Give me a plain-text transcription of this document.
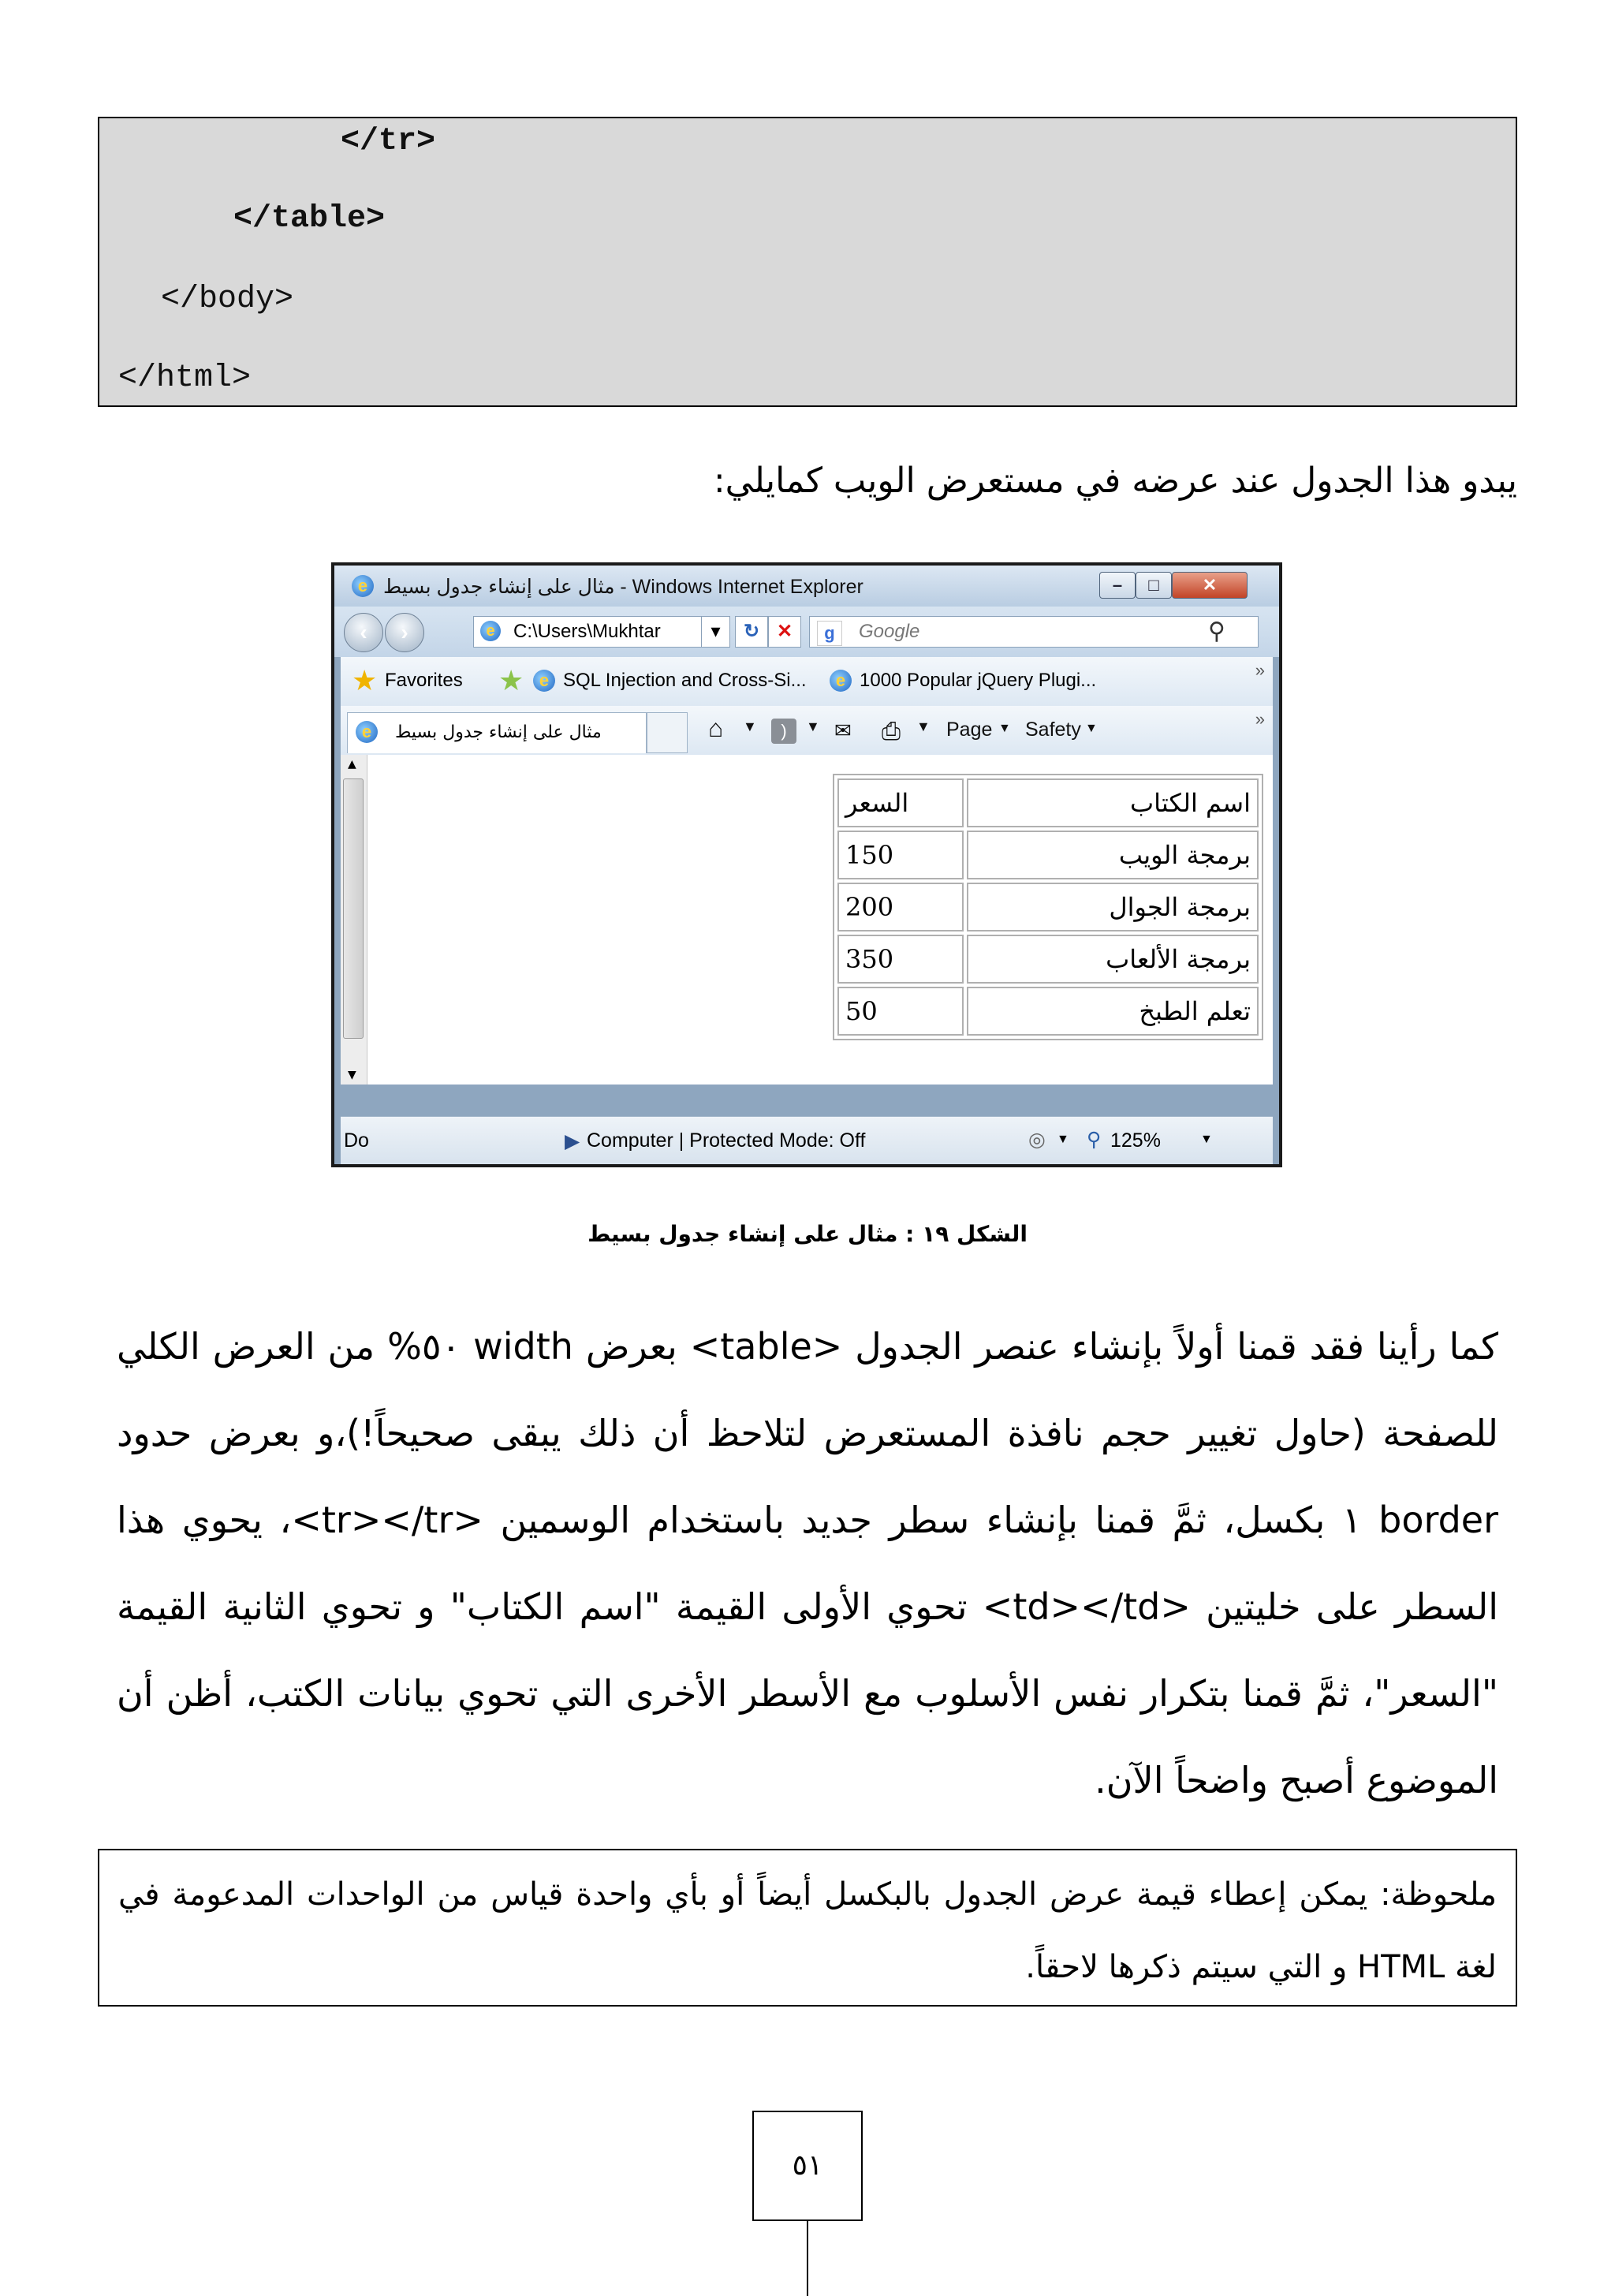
</tr>
</table>
</body>
</html>
يبدو هذا الجدول عند عرضه في مستعرض الويب كمايلي:
e مثال على إنشاء جدول بسيط - Windows Internet Explorer	–	□	✕
‹	›	e C:\Users\Mukhtar	▾	↻ ✕	Google
g	⚲
★ Favorites ★ e SQL Injection and Cross-Si...	e 1000 Popular jQuery Plugi...	»
e	مثال على إنشاء جدول بسيط	⌂ ▼	)	▼ ✉ ⎙ ▼ Page ▼ Safety ▼	»
▲
▼
اسم الكتاب	السعر
برمجة الويب	150
برمجة الجوال	200
برمجة الألعاب	350
تعلم الطبخ	50
Do	▶ Computer | Protected Mode: Off	◎ ▼ ⚲ 125%	▼
الشكل ١٩ : مثال على إنشاء جدول بسيط
كما رأينا فقد قمنا أولاً بإنشاء عنصر الجدول <table> بعرض width ٥٠% من العرض الكلي للصفحة (حاول تغيير حجم نافذة المستعرض لتلاحظ أن ذلك يبقى صحيحاً!)،و بعرض حدود border ١ بكسل، ثمَّ قمنا بإنشاء سطر جديد باستخدام الوسمين <tr></tr>، يحوي هذا السطر على خليتين <td></td> تحوي الأولى القيمة "اسم الكتاب" و تحوي الثانية القيمة "السعر"، ثمَّ قمنا بتكرار نفس الأسلوب مع الأسطر الأخرى التي تحوي بيانات الكتب، أظن أن الموضوع أصبح واضحاً الآن.
ملحوظة: يمكن إعطاء قيمة عرض الجدول بالبكسل أيضاً أو بأي واحدة قياس من الواحدات المدعومة في لغة HTML و التي سيتم ذكرها لاحقاً.
٥١
